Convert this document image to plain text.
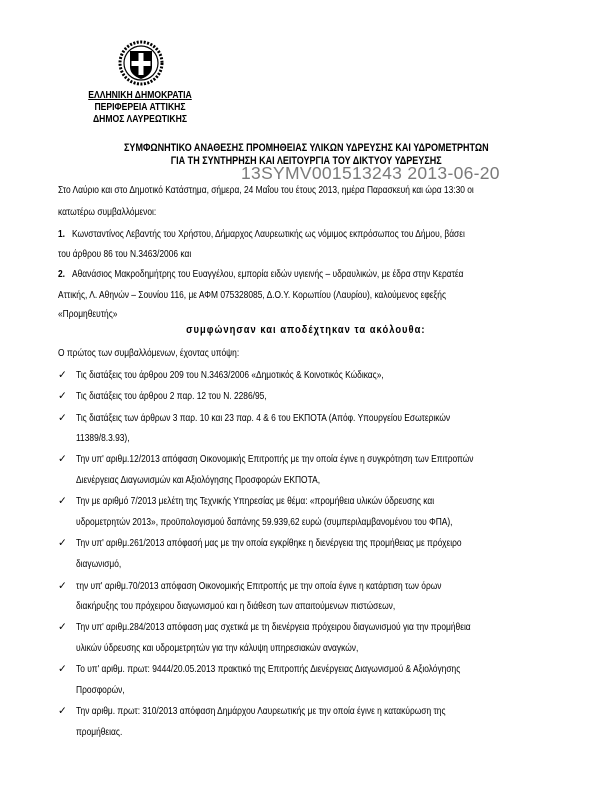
ΕΛΛΗΝΙΚΗ ΔΗΜΟΚΡΑΤΙΑ
ΠΕΡΙΦΕΡΕΙΑ ΑΤΤΙΚΗΣ
ΔΗΜΟΣ ΛΑΥΡΕΩΤΙΚΗΣ
ΣΥΜΦΩΝΗΤΙΚΟ ΑΝΑΘΕΣΗΣ ΠΡΟΜΗΘΕΙΑΣ ΥΛΙΚΩΝ ΥΔΡΕΥΣΗΣ ΚΑΙ ΥΔΡΟΜΕΤΡΗΤΩΝ
ΓΙΑ ΤΗ ΣΥΝΤΗΡΗΣΗ ΚΑΙ ΛΕΙΤΟΥΡΓΙΑ ΤΟΥ ΔΙΚΤΥΟΥ ΥΔΡΕΥΣΗΣ
13SYMV001513243 2013-06-20
Στο Λαύριο και στο Δημοτικό Κατάστημα, σήμερα, 24 Μαΐου του έτους 2013, ημέρα Παρασκευή και ώρα 13:30 οι
κατωτέρω συμβαλλόμενοι:
1. Κωνσταντίνος Λεβαντής του Χρήστου, Δήμαρχος Λαυρεωτικής ως νόμιμος εκπρόσωπος του Δήμου, βάσει
του άρθρου 86 του Ν.3463/2006 και
2. Αθανάσιος Μακροδημήτρης του Ευαγγέλου, εμπορία ειδών υγιεινής – υδραυλικών, με έδρα στην Κερατέα
Αττικής, Λ. Αθηνών – Σουνίου 116, με ΑΦΜ 075328085, Δ.Ο.Υ. Κορωπίου (Λαυρίου), καλούμενος εφεξής
«Προμηθευτής»
συμφώνησαν και αποδέχτηκαν τα ακόλουθα:
Ο πρώτος των συμβαλλόμενων, έχοντας υπόψη:
✓ Τις διατάξεις του άρθρου 209 του Ν.3463/2006 «Δημοτικός & Κοινοτικός Κώδικας»,
✓ Τις διατάξεις του άρθρου 2 παρ. 12 του Ν. 2286/95,
✓ Τις διατάξεις των άρθρων 3 παρ. 10 και 23 παρ. 4 & 6 του ΕΚΠΟΤΑ (Απόφ. Υπουργείου Εσωτερικών
11389/8.3.93),
✓ Την υπ' αριθμ.12/2013 απόφαση Οικονομικής Επιτροπής με την οποία έγινε η συγκρότηση των Επιτροπών
Διενέργειας Διαγωνισμών και Αξιολόγησης Προσφορών ΕΚΠΟΤΑ,
✓ Την με αριθμό 7/2013 μελέτη της Τεχνικής Υπηρεσίας με θέμα: «προμήθεια υλικών ύδρευσης και
υδρομετρητών 2013», προϋπολογισμού δαπάνης 59.939,62 ευρώ (συμπεριλαμβανομένου του ΦΠΑ),
✓ Την υπ' αριθμ.261/2013 απόφασή μας με την οποία εγκρίθηκε η διενέργεια της προμήθειας με πρόχειρο
διαγωνισμό,
✓ την υπ' αριθμ.70/2013 απόφαση Οικονομικής Επιτροπής με την οποία έγινε η κατάρτιση των όρων
διακήρυξης του πρόχειρου διαγωνισμού και η διάθεση των απαιτούμενων πιστώσεων,
✓ Την υπ' αριθμ.284/2013 απόφαση μας σχετικά με τη διενέργεια πρόχειρου διαγωνισμού για την προμήθεια
υλικών ύδρευσης και υδρομετρητών για την κάλυψη υπηρεσιακών αναγκών,
✓ Το υπ' αριθμ. πρωτ: 9444/20.05.2013 πρακτικό της Επιτροπής Διενέργειας Διαγωνισμού & Αξιολόγησης
Προσφορών,
✓ Την αριθμ. πρωτ: 310/2013 απόφαση Δημάρχου Λαυρεωτικής με την οποία έγινε η κατακύρωση της
προμήθειας.
